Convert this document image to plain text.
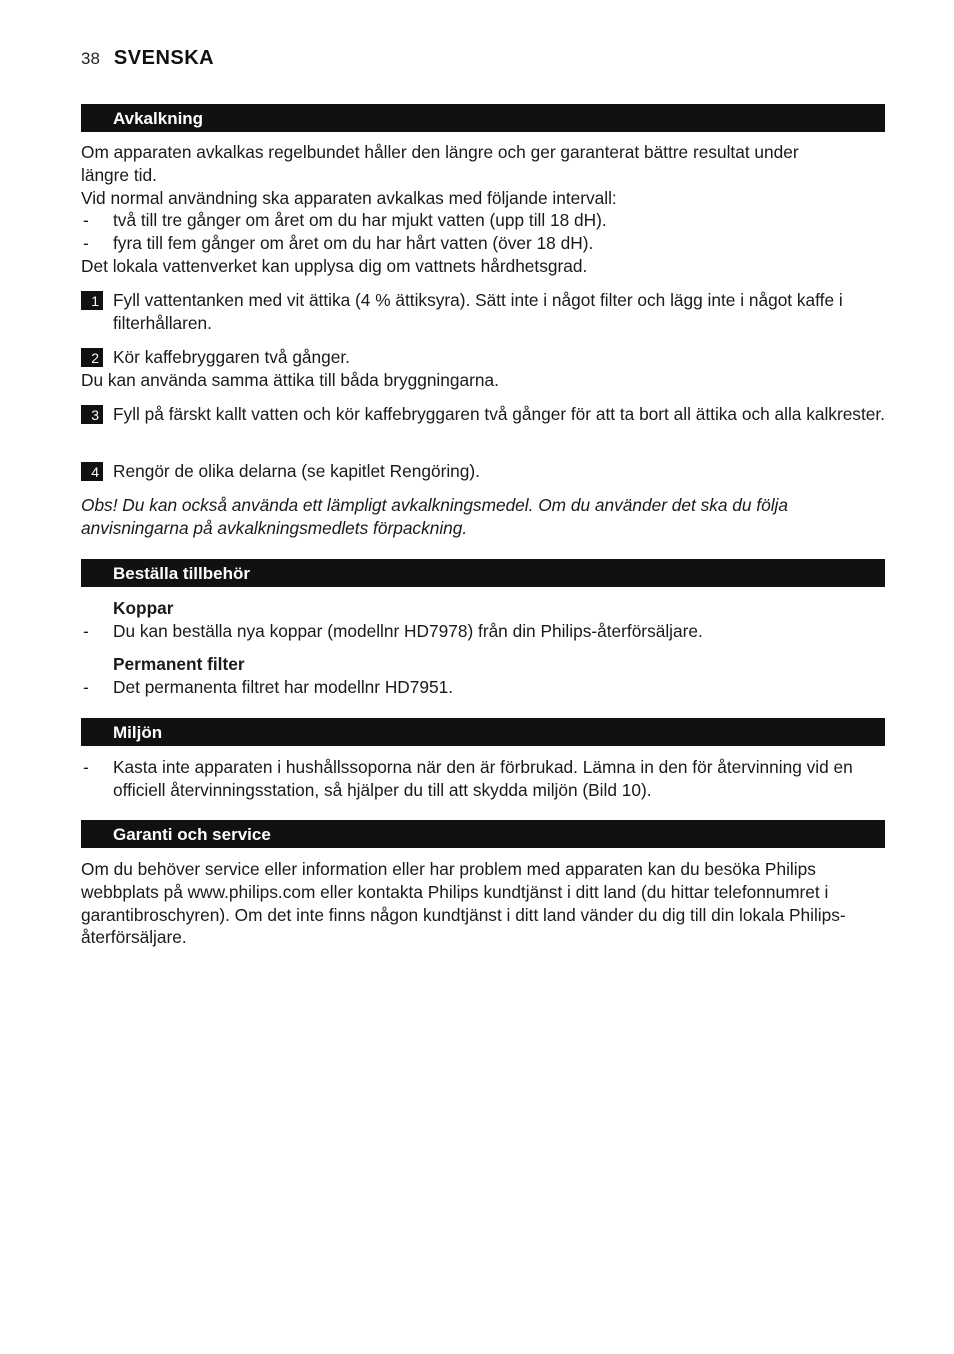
38 SVENSKA
Avkalkning

Om apparaten avkalkas regelbundet håller den längre och ger garanterat bättre resultat under längre tid.

Vid normal användning ska apparaten avkalkas med följande intervall:

- två till tre gånger om året om du har mjukt vatten (upp till 18 dH).

- fyra till fem gånger om året om du har hårt vatten (över 18 dH).

Det lokala vattenverket kan upplysa dig om vattnets hårdhetsgrad.

1 Fyll vattentanken med vit ättika (4 % ättiksyra). Sätt inte i något filter och lägg inte i något kaffe i filterhållaren.
2 Kör kaffebryggaren två gånger.

Du kan använda samma ättika till båda bryggningarna.

3 Fyll på färskt kallt vatten och kör kaffebryggaren två gånger för att ta bort all ättika och alla kalkrester.
4 Rengör de olika delarna (se kapitlet Rengöring).
Obs! Du kan också använda ett lämpligt avkalkningsmedel. Om du använder det ska du följa anvisningarna på avkalkningsmedlets förpackning.
Beställa tillbehör

Koppar

- Du kan beställa nya koppar (modellnr HD7978) från din Philips-återförsäljare.

Permanent filter

- Det permanenta filtret har modellnr HD7951.

Miljön

- Kasta inte apparaten i hushållssoporna när den är förbrukad. Lämna in den för återvinning vid en officiell återvinningsstation, så hjälper du till att skydda miljön (Bild 10).

Garanti och service
Om du behöver service eller information eller har problem med apparaten kan du besöka Philips webbplats på www.philips.com eller kontakta Philips kundtjänst i ditt land (du hittar telefonnumret i garantibroschyren). Om det inte finns någon kundtjänst i ditt land vänder du dig till din lokala Philips-återförsäljare.
